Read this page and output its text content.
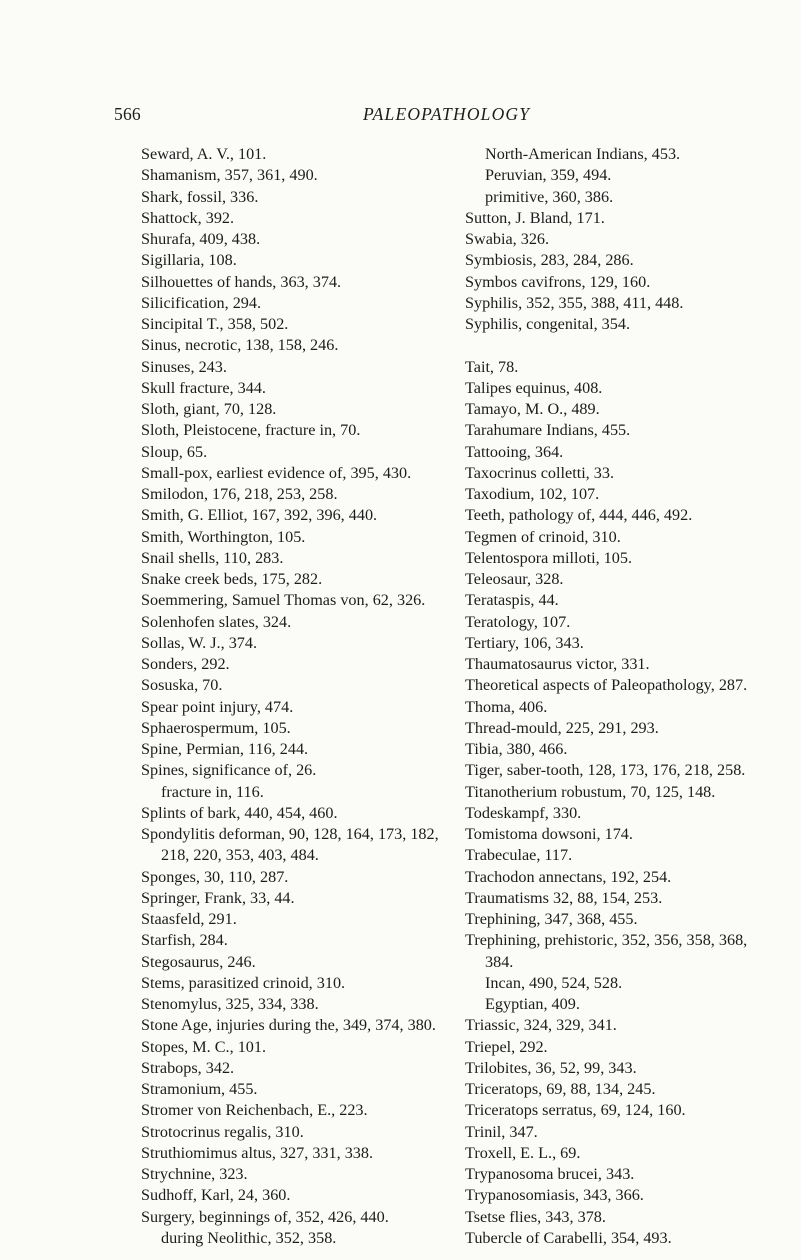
566	PALEOPATHOLOGY
Seward, A. V., 101.
Shamanism, 357, 361, 490.
Shark, fossil, 336.
Shattock, 392.
Shurafa, 409, 438.
Sigillaria, 108.
Silhouettes of hands, 363, 374.
Silicification, 294.
Sincipital T., 358, 502.
Sinus, necrotic, 138, 158, 246.
Sinuses, 243.
Skull fracture, 344.
Sloth, giant, 70, 128.
Sloth, Pleistocene, fracture in, 70.
Sloup, 65.
Small-pox, earliest evidence of, 395, 430.
Smilodon, 176, 218, 253, 258.
Smith, G. Elliot, 167, 392, 396, 440.
Smith, Worthington, 105.
Snail shells, 110, 283.
Snake creek beds, 175, 282.
Soemmering, Samuel Thomas von, 62, 326.
Solenhofen slates, 324.
Sollas, W. J., 374.
Sonders, 292.
Sosuska, 70.
Spear point injury, 474.
Sphaerospermum, 105.
Spine, Permian, 116, 244.
Spines, significance of, 26.
fracture in, 116.
Splints of bark, 440, 454, 460.
Spondylitis deforman, 90, 128, 164, 173, 182,
218, 220, 353, 403, 484.
Sponges, 30, 110, 287.
Springer, Frank, 33, 44.
Staasfeld, 291.
Starfish, 284.
Stegosaurus, 246.
Stems, parasitized crinoid, 310.
Stenomylus, 325, 334, 338.
Stone Age, injuries during the, 349, 374, 380.
Stopes, M. C., 101.
Strabops, 342.
Stramonium, 455.
Stromer von Reichenbach, E., 223.
Strotocrinus regalis, 310.
Struthiomimus altus, 327, 331, 338.
Strychnine, 323.
Sudhoff, Karl, 24, 360.
Surgery, beginnings of, 352, 426, 440.
during Neolithic, 352, 358.
North-American Indians, 453.
Peruvian, 359, 494.
primitive, 360, 386.
Sutton, J. Bland, 171.
Swabia, 326.
Symbiosis, 283, 284, 286.
Symbos cavifrons, 129, 160.
Syphilis, 352, 355, 388, 411, 448.
Syphilis, congenital, 354.
Tait, 78.
Talipes equinus, 408.
Tamayo, M. O., 489.
Tarahumare Indians, 455.
Tattooing, 364.
Taxocrinus colletti, 33.
Taxodium, 102, 107.
Teeth, pathology of, 444, 446, 492.
Tegmen of crinoid, 310.
Telentospora milloti, 105.
Teleosaur, 328.
Terataspis, 44.
Teratology, 107.
Tertiary, 106, 343.
Thaumatosaurus victor, 331.
Theoretical aspects of Paleopathology, 287.
Thoma, 406.
Thread-mould, 225, 291, 293.
Tibia, 380, 466.
Tiger, saber-tooth, 128, 173, 176, 218, 258.
Titanotherium robustum, 70, 125, 148.
Todeskampf, 330.
Tomistoma dowsoni, 174.
Trabeculae, 117.
Trachodon annectans, 192, 254.
Traumatisms 32, 88, 154, 253.
Trephining, 347, 368, 455.
Trephining, prehistoric, 352, 356, 358, 368,
384.
Incan, 490, 524, 528.
Egyptian, 409.
Triassic, 324, 329, 341.
Triepel, 292.
Trilobites, 36, 52, 99, 343.
Triceratops, 69, 88, 134, 245.
Triceratops serratus, 69, 124, 160.
Trinil, 347.
Troxell, E. L., 69.
Trypanosoma brucei, 343.
Trypanosomiasis, 343, 366.
Tsetse flies, 343, 378.
Tubercle of Carabelli, 354, 493.
